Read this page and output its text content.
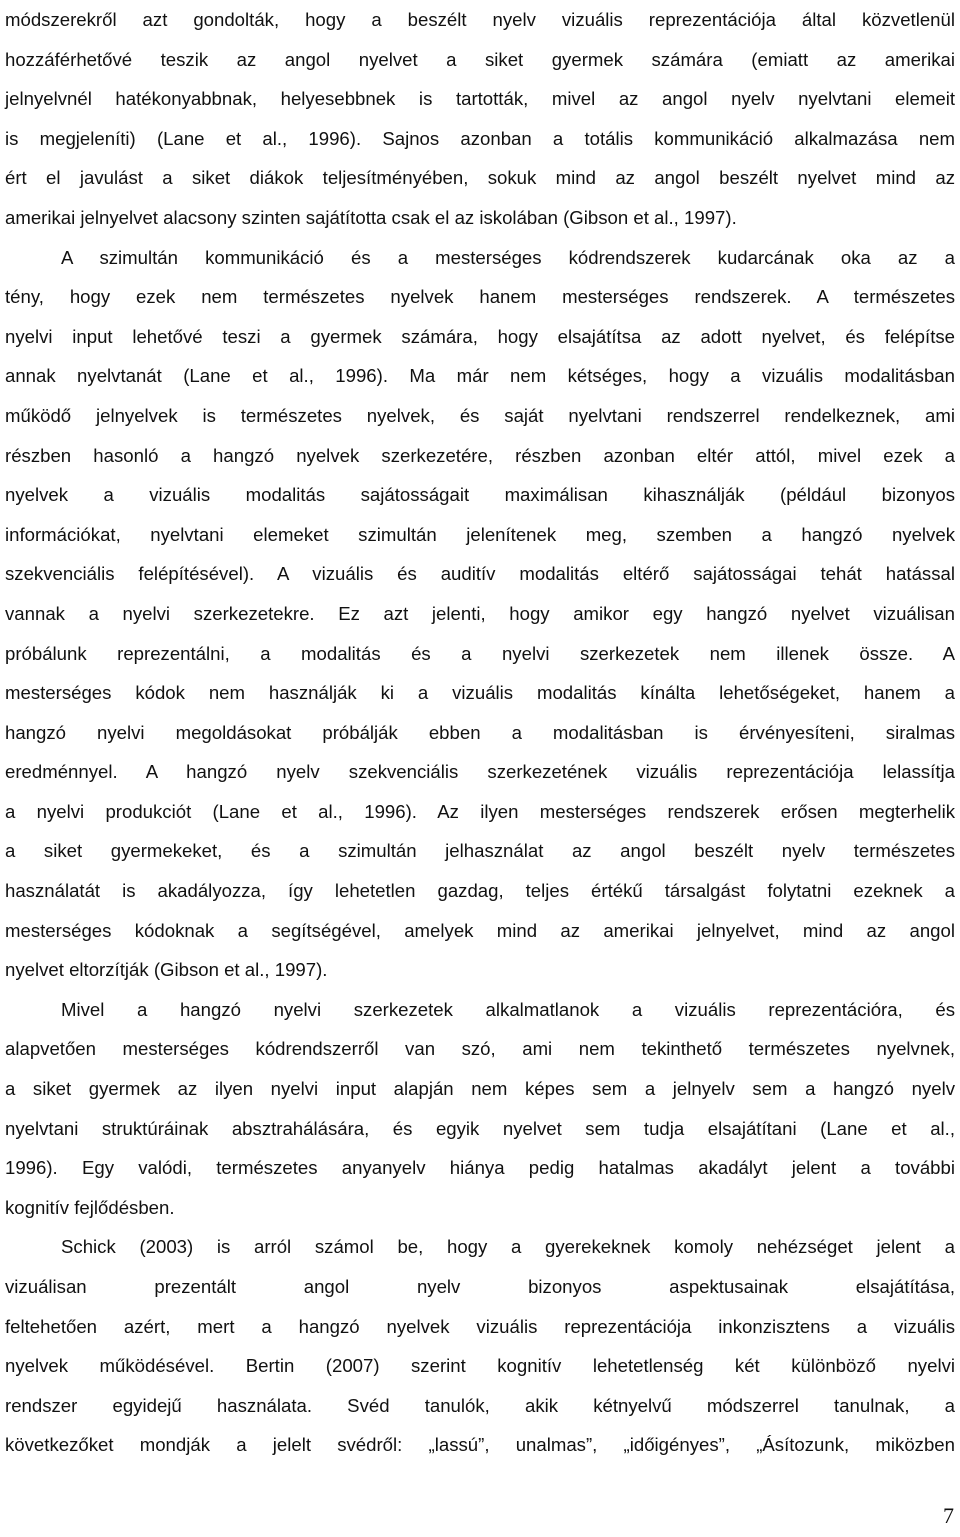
módszerekről azt gondolták, hogy a beszélt nyelv vizuális reprezentációja által közvetlenül

hozzáférhetővé teszik az angol nyelvet a siket gyermek számára (emiatt az amerikai

jelnyelvnél hatékonyabbnak, helyesebbnek is tartották, mivel az angol nyelv nyelvtani elemeit

is megjeleníti) (Lane et al., 1996). Sajnos azonban a totális kommunikáció alkalmazása nem

ért el javulást a siket diákok teljesítményében, sokuk mind az angol beszélt nyelvet mind az

amerikai jelnyelvet alacsony szinten sajátította csak el az iskolában (Gibson et al., 1997).

A szimultán kommunikáció és a mesterséges kódrendszerek kudarcának oka az a

tény, hogy ezek nem természetes nyelvek hanem mesterséges rendszerek. A természetes

nyelvi input lehetővé teszi a gyermek számára, hogy elsajátítsa az adott nyelvet, és felépítse

annak nyelvtanát (Lane et al., 1996). Ma már nem kétséges, hogy a vizuális modalitásban

működő jelnyelvek is természetes nyelvek, és saját nyelvtani rendszerrel rendelkeznek, ami

részben hasonló a hangzó nyelvek szerkezetére, részben azonban eltér attól, mivel ezek a

nyelvek a vizuális modalitás sajátosságait maximálisan kihasználják (például bizonyos

információkat, nyelvtani elemeket szimultán jelenítenek meg, szemben a hangzó nyelvek

szekvenciális felépítésével). A vizuális és auditív modalitás eltérő sajátosságai tehát hatással

vannak a nyelvi szerkezetekre. Ez azt jelenti, hogy amikor egy hangzó nyelvet vizuálisan

próbálunk reprezentálni, a modalitás és a nyelvi szerkezetek nem illenek össze. A

mesterséges kódok nem használják ki a vizuális modalitás kínálta lehetőségeket, hanem a

hangzó nyelvi megoldásokat próbálják ebben a modalitásban is érvényesíteni, siralmas

eredménnyel. A hangzó nyelv szekvenciális szerkezetének vizuális reprezentációja lelassítja

a nyelvi produkciót (Lane et al., 1996). Az ilyen mesterséges rendszerek erősen megterhelik

a siket gyermekeket, és a szimultán jelhasználat az angol beszélt nyelv természetes

használatát is akadályozza, így lehetetlen gazdag, teljes értékű társalgást folytatni ezeknek a

mesterséges kódoknak a segítségével, amelyek mind az amerikai jelnyelvet, mind az angol

nyelvet eltorzítják (Gibson et al., 1997).

Mivel a hangzó nyelvi szerkezetek alkalmatlanok a vizuális reprezentációra, és

alapvetően mesterséges kódrendszerről van szó, ami nem tekinthető természetes nyelvnek,

a siket gyermek az ilyen nyelvi input alapján nem képes sem a jelnyelv sem a hangzó nyelv

nyelvtani struktúráinak absztrahálására, és egyik nyelvet sem tudja elsajátítani (Lane et al.,

1996). Egy valódi, természetes anyanyelv hiánya pedig hatalmas akadályt jelent a további

kognitív fejlődésben.

Schick (2003) is arról számol be, hogy a gyerekeknek komoly nehézséget jelent a

vizuálisan prezentált angol nyelv bizonyos aspektusainak elsajátítása,

feltehetően azért, mert a hangzó nyelvek vizuális reprezentációja inkonzisztens a vizuális

nyelvek működésével. Bertin (2007) szerint kognitív lehetetlenség két különböző nyelvi

rendszer egyidejű használata. Svéd tanulók, akik kétnyelvű módszerrel tanulnak, a

következőket mondják a jelelt svédről: „lassú”, unalmas”, „időigényes”, „Ásítozunk, miközben

7
